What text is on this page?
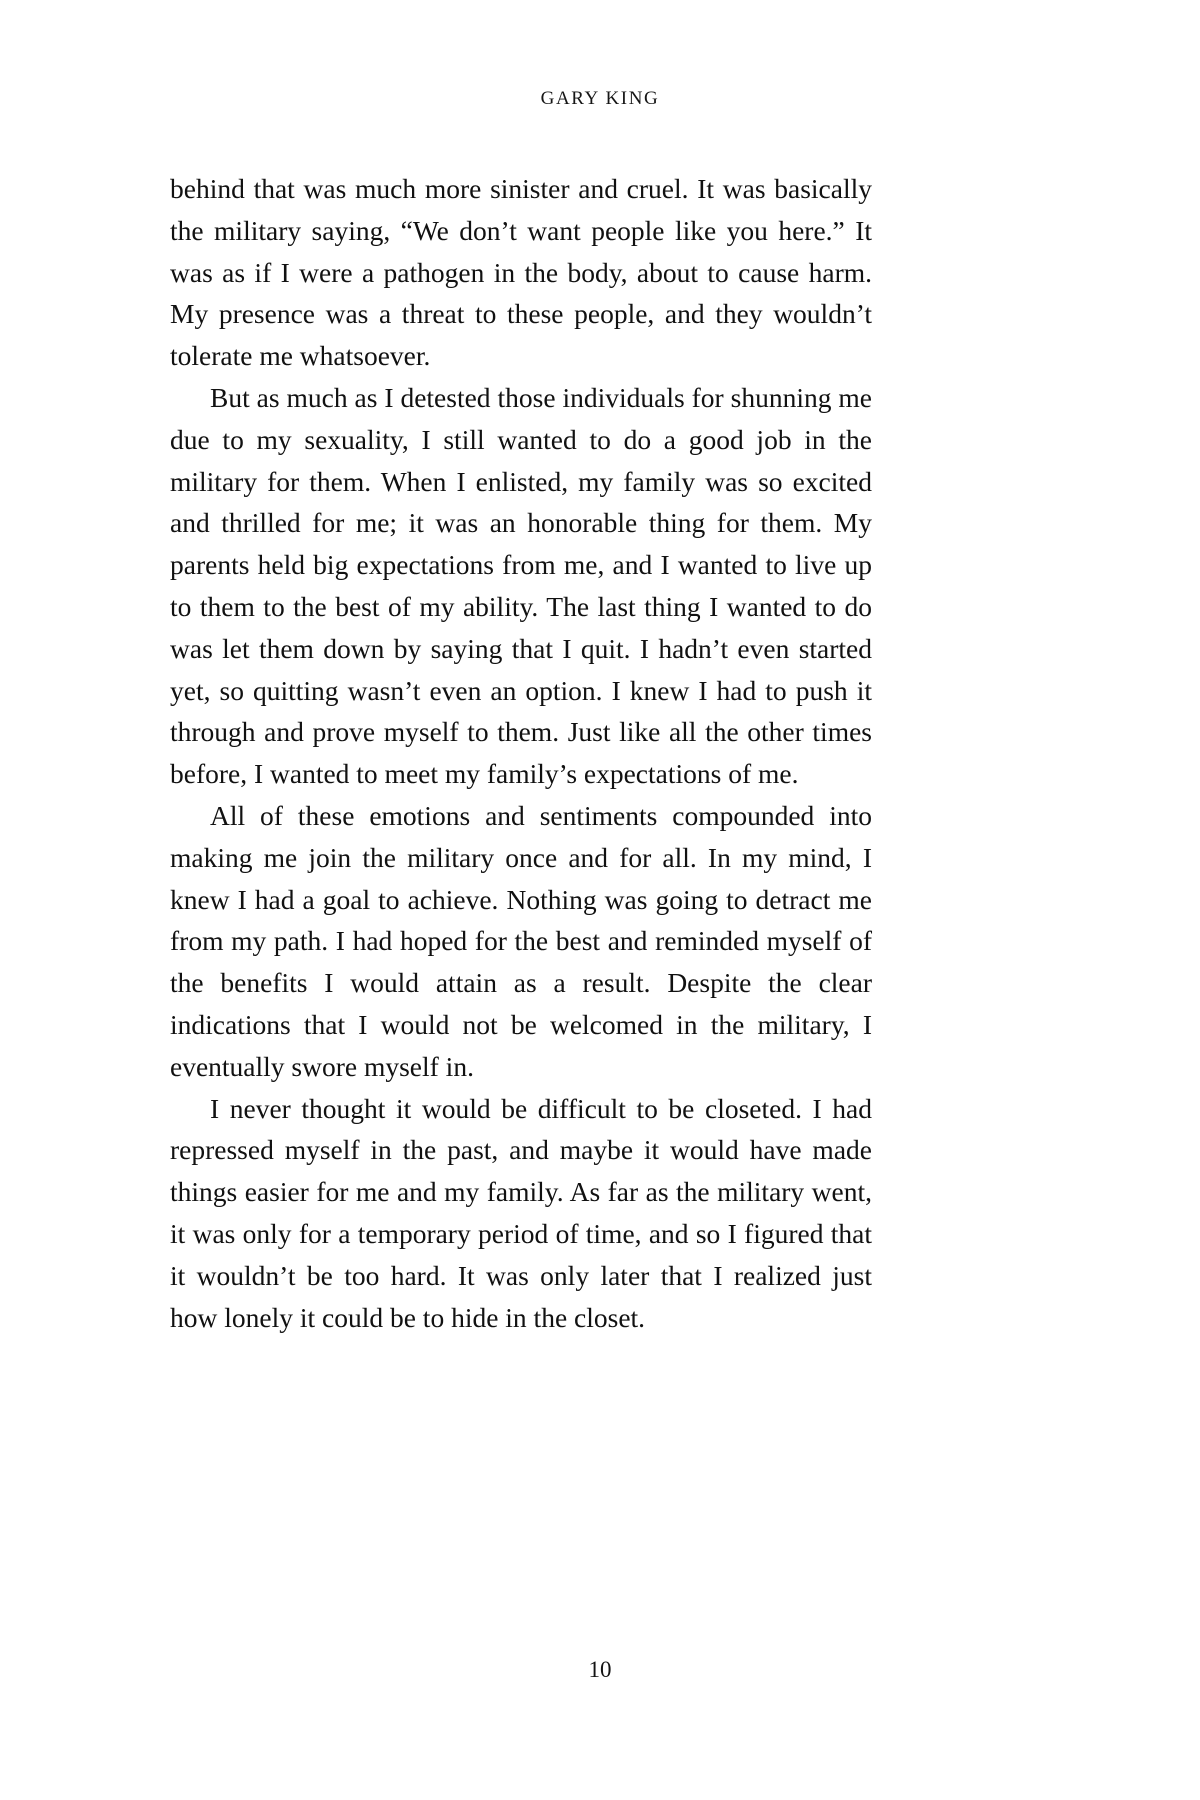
GARY KING

behind that was much more sinister and cruel. It was basically the military saying, “We don’t want people like you here.” It was as if I were a pathogen in the body, about to cause harm. My presence was a threat to these people, and they wouldn’t tolerate me whatsoever.

But as much as I detested those individuals for shunning me due to my sexuality, I still wanted to do a good job in the military for them. When I enlisted, my family was so excited and thrilled for me; it was an honorable thing for them. My parents held big expectations from me, and I wanted to live up to them to the best of my ability. The last thing I wanted to do was let them down by saying that I quit. I hadn’t even started yet, so quitting wasn’t even an option. I knew I had to push it through and prove myself to them. Just like all the other times before, I wanted to meet my family’s expectations of me.

All of these emotions and sentiments compounded into making me join the military once and for all. In my mind, I knew I had a goal to achieve. Nothing was going to detract me from my path. I had hoped for the best and reminded myself of the benefits I would attain as a result. Despite the clear indications that I would not be welcomed in the military, I eventually swore myself in.

I never thought it would be difficult to be closeted. I had repressed myself in the past, and maybe it would have made things easier for me and my family. As far as the military went, it was only for a temporary period of time, and so I figured that it wouldn’t be too hard. It was only later that I realized just how lonely it could be to hide in the closet.

10
